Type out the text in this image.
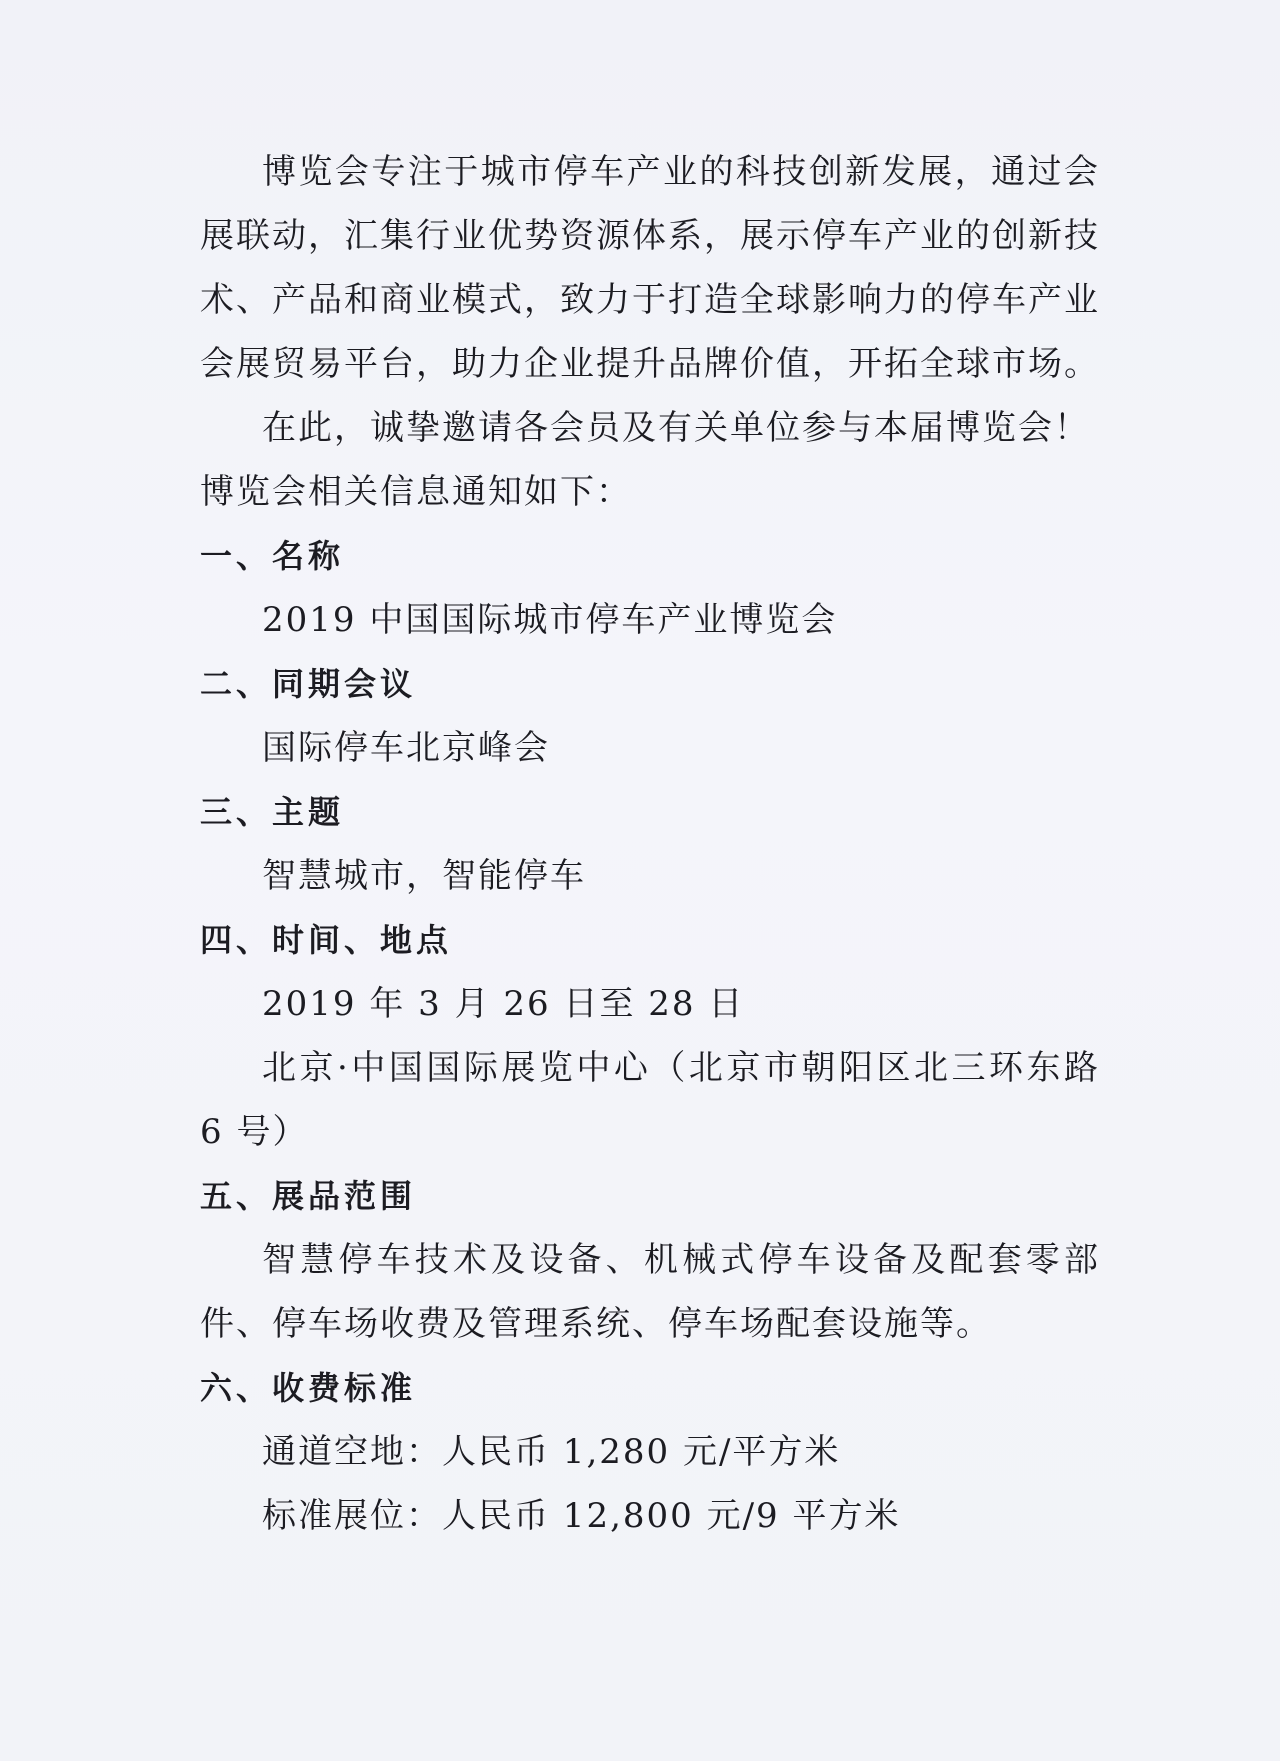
博览会专注于城市停车产业的科技创新发展，通过会展联动，汇集行业优势资源体系，展示停车产业的创新技术、产品和商业模式，致力于打造全球影响力的停车产业会展贸易平台，助力企业提升品牌价值，开拓全球市场。

在此，诚挚邀请各会员及有关单位参与本届博览会！

博览会相关信息通知如下：

一、名称

2019 中国国际城市停车产业博览会

二、同期会议

国际停车北京峰会

三、主题

智慧城市，智能停车

四、时间、地点

2019 年 3 月 26 日至 28 日

北京·中国国际展览中心（北京市朝阳区北三环东路 6 号）

五、展品范围

智慧停车技术及设备、机械式停车设备及配套零部件、停车场收费及管理系统、停车场配套设施等。

六、收费标准

通道空地：人民币 1,280 元/平方米

标准展位：人民币 12,800 元/9 平方米
